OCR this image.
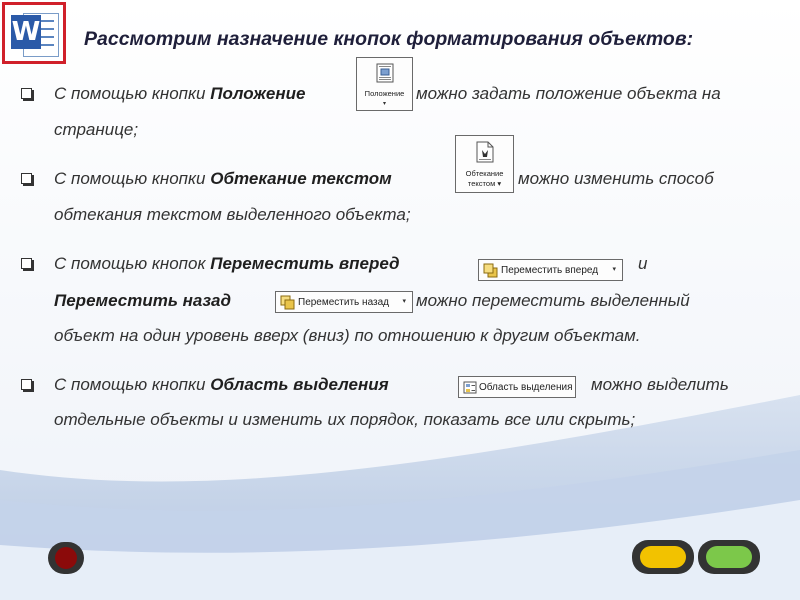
W Рассмотрим назначение кнопок форматирования объектов:
С помощью кнопки Положение	Положение
▾
можно задать положение объекта на
странице;
С помощью кнопки Обтекание текстом	Обтекание
текстом ▾ можно изменить способ
обтекания текстом выделенного объекта;
С помощью кнопок Переместить вперед	Переместить вперед ▾ и
Переместить назад	Переместить назад ▾ можно переместить выделенный
объект на один уровень вверх (вниз) по отношению к другим объектам.
С помощью кнопки Область выделения	Область выделения можно выделить
отдельные объекты и изменить их порядок, показать все или скрыть;
